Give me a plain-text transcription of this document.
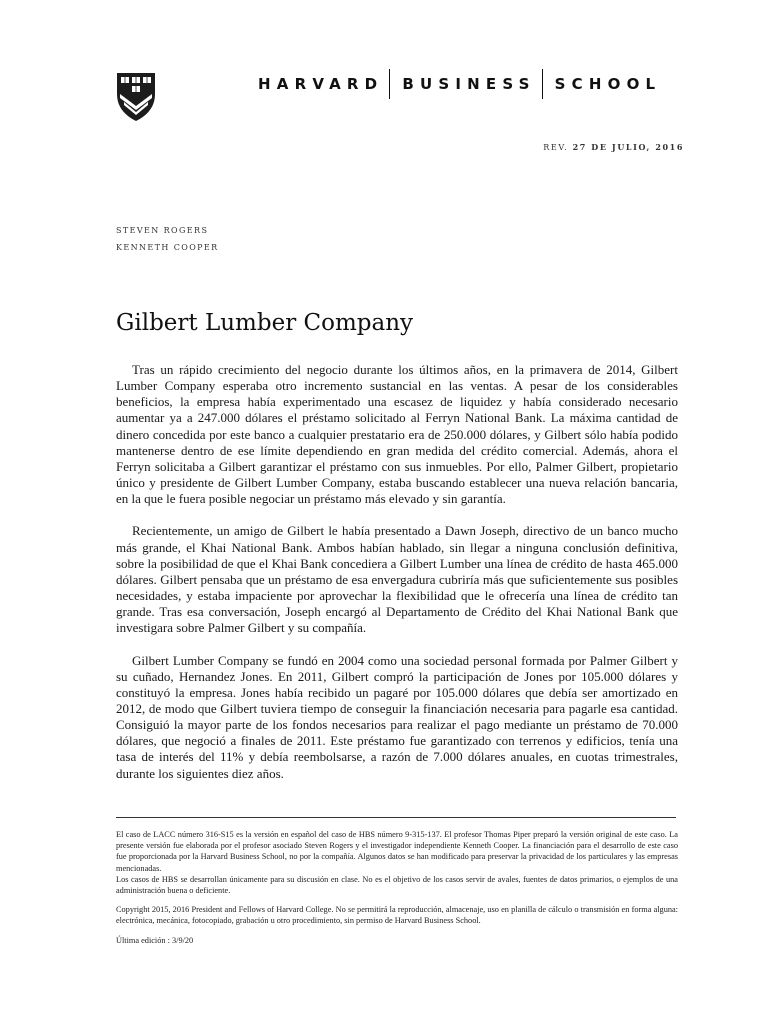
HARVARD BUSINESS SCHOOL
REV. 27 DE JULIO, 2016
STEVEN ROGERS
KENNETH COOPER
Gilbert Lumber Company

Tras un rápido crecimiento del negocio durante los últimos años, en la primavera de 2014, Gilbert Lumber Company esperaba otro incremento sustancial en las ventas. A pesar de los considerables beneficios, la empresa había experimentado una escasez de liquidez y había considerado necesario aumentar ya a 247.000 dólares el préstamo solicitado al Ferryn National Bank. La máxima cantidad de dinero concedida por este banco a cualquier prestatario era de 250.000 dólares, y Gilbert sólo había podido mantenerse dentro de ese límite dependiendo en gran medida del crédito comercial. Además, ahora el Ferryn solicitaba a Gilbert garantizar el préstamo con sus inmuebles. Por ello, Palmer Gilbert, propietario único y presidente de Gilbert Lumber Company, estaba buscando establecer una nueva relación bancaria, en la que le fuera posible negociar un préstamo más elevado y sin garantía.

Recientemente, un amigo de Gilbert le había presentado a Dawn Joseph, directivo de un banco mucho más grande, el Khai National Bank. Ambos habían hablado, sin llegar a ninguna conclusión definitiva, sobre la posibilidad de que el Khai Bank concediera a Gilbert Lumber una línea de crédito de hasta 465.000 dólares. Gilbert pensaba que un préstamo de esa envergadura cubriría más que suficientemente sus posibles necesidades, y estaba impaciente por aprovechar la flexibilidad que le ofrecería una línea de crédito tan grande. Tras esa conversación, Joseph encargó al Departamento de Crédito del Khai National Bank que investigara sobre Palmer Gilbert y su compañía.

Gilbert Lumber Company se fundó en 2004 como una sociedad personal formada por Palmer Gilbert y su cuñado, Hernandez Jones. En 2011, Gilbert compró la participación de Jones por 105.000 dólares y constituyó la empresa. Jones había recibido un pagaré por 105.000 dólares que debía ser amortizado en 2012, de modo que Gilbert tuviera tiempo de conseguir la financiación necesaria para pagarle esa cantidad. Consiguió la mayor parte de los fondos necesarios para realizar el pago mediante un préstamo de 70.000 dólares, que negoció a finales de 2011. Este préstamo fue garantizado con terrenos y edificios, tenía una tasa de interés del 11% y debía reembolsarse, a razón de 7.000 dólares anuales, en cuotas trimestrales, durante los siguientes diez años.

El caso de LACC número 316-S15 es la versión en español del caso de HBS número 9-315-137. El profesor Thomas Piper preparó la versión original de este caso. La presente versión fue elaborada por el profesor asociado Steven Rogers y el investigador independiente Kenneth Cooper. La financiación para el desarrollo de este caso fue proporcionada por la Harvard Business School, no por la compañía. Algunos datos se han modificado para preservar la privacidad de los particulares y las empresas mencionadas.

Los casos de HBS se desarrollan únicamente para su discusión en clase. No es el objetivo de los casos servir de avales, fuentes de datos primarios, o ejemplos de una administración buena o deficiente.

Copyright 2015, 2016 President and Fellows of Harvard College. No se permitirá la reproducción, almacenaje, uso en planilla de cálculo o transmisión en forma alguna: electrónica, mecánica, fotocopiado, grabación u otro procedimiento, sin permiso de Harvard Business School.

Última edición : 3/9/20
